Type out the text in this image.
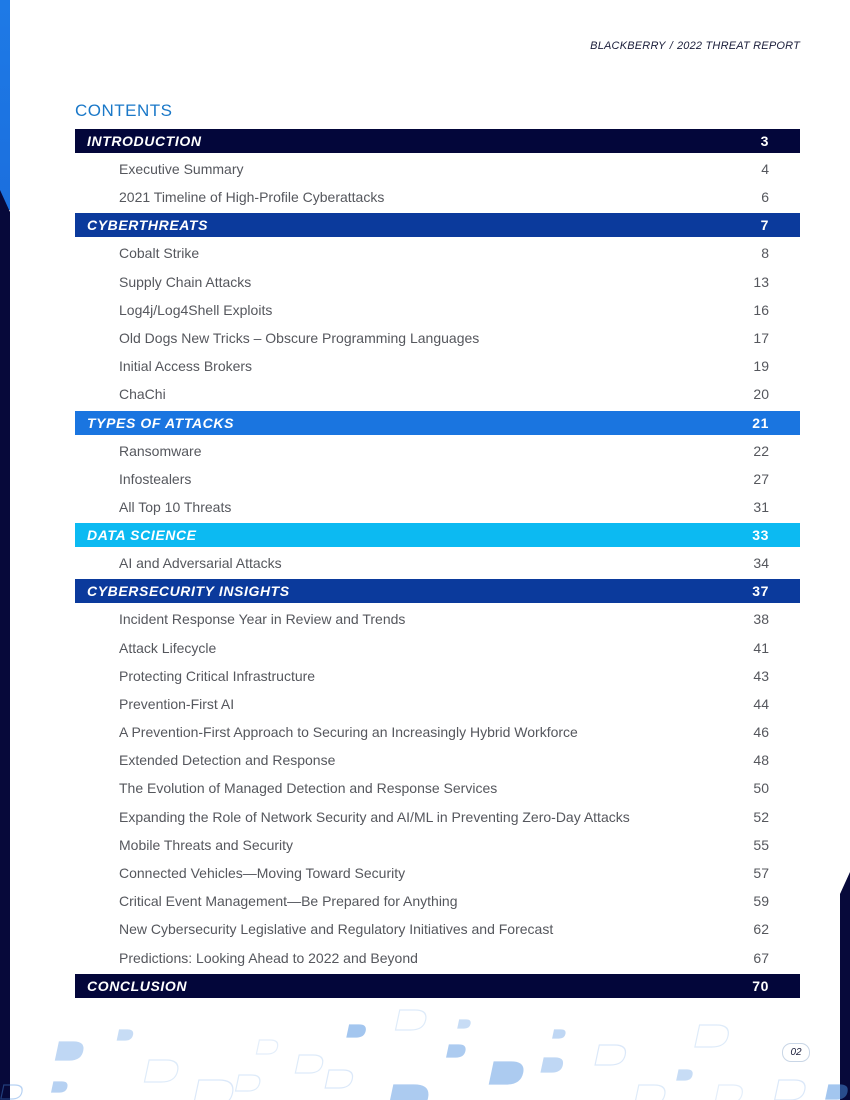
BLACKBERRY / 2022 THREAT REPORT
CONTENTS
INTRODUCTION	3
Executive Summary	4
2021 Timeline of High-Profile Cyberattacks	6
CYBERTHREATS	7
Cobalt Strike	8
Supply Chain Attacks	13
Log4j/Log4Shell Exploits	16
Old Dogs New Tricks – Obscure Programming Languages	17
Initial Access Brokers	19
ChaChi	20
TYPES OF ATTACKS	21
Ransomware	22
Infostealers	27
All Top 10 Threats	31
DATA SCIENCE	33
AI and Adversarial Attacks	34
CYBERSECURITY INSIGHTS	37
Incident Response Year in Review and Trends	38
Attack Lifecycle	41
Protecting Critical Infrastructure	43
Prevention-First AI	44
A Prevention-First Approach to Securing an Increasingly Hybrid Workforce	46
Extended Detection and Response	48
The Evolution of Managed Detection and Response Services	50
Expanding the Role of Network Security and AI/ML in Preventing Zero-Day Attacks	52
Mobile Threats and Security	55
Connected Vehicles—Moving Toward Security	57
Critical Event Management—Be Prepared for Anything	59
New Cybersecurity Legislative and Regulatory Initiatives and Forecast	62
Predictions: Looking Ahead to 2022 and Beyond	67
CONCLUSION	70
02
